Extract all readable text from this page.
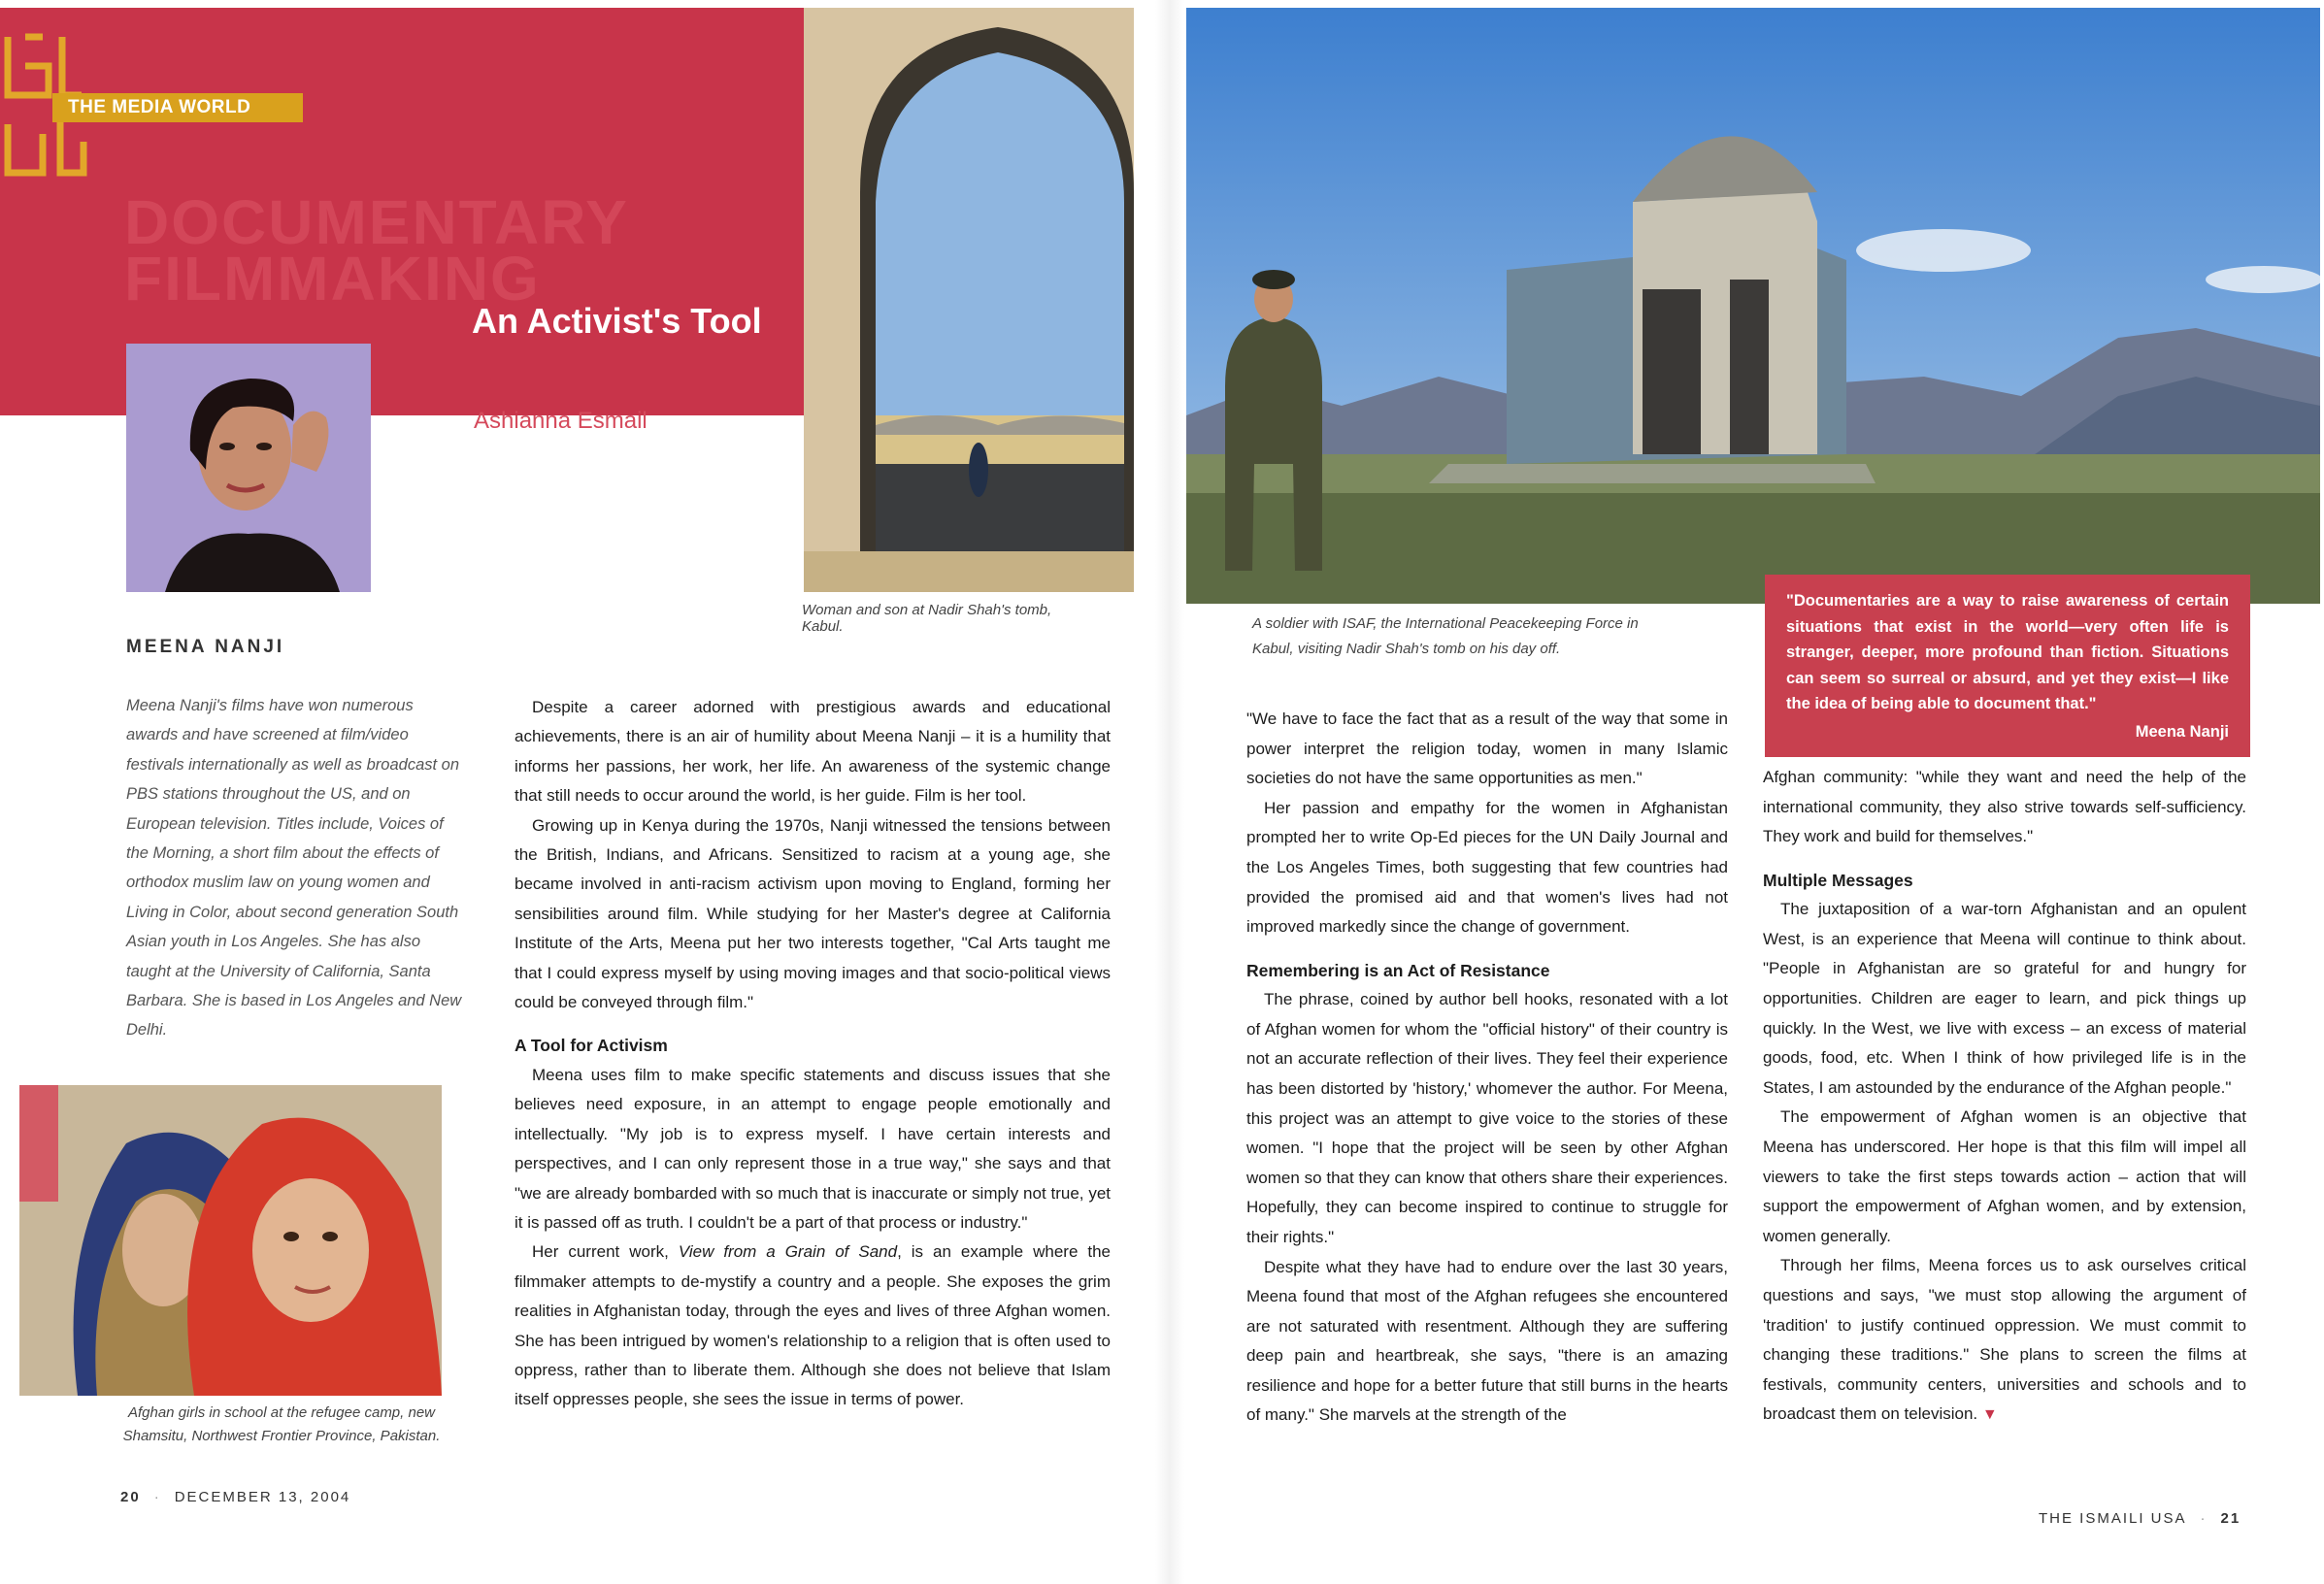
THE MEDIA WORLD
DOCUMENTARY
FILMMAKING
An Activist's Tool
Ashianna Esmail
Woman and son at Nadir Shah's tomb, Kabul.
MEENA NANJI
Meena Nanji's films have won numerous awards and have screened at film/video festivals internationally as well as broadcast on PBS stations throughout the US, and on European television. Titles include, Voices of the Morning, a short film about the effects of orthodox muslim law on young women and Living in Color, about second generation South Asian youth in Los Angeles. She has also taught at the University of California, Santa Barbara. She is based in Los Angeles and New Delhi.
Afghan girls in school at the refugee camp, new Shamsitu, Northwest Frontier Province, Pakistan.

Despite a career adorned with prestigious awards and educational achievements, there is an air of humility about Meena Nanji – it is a humility that informs her passions, her work, her life. An awareness of the systemic change that still needs to occur around the world, is her guide. Film is her tool.

Growing up in Kenya during the 1970s, Nanji witnessed the tensions between the British, Indians, and Africans. Sensitized to racism at a young age, she became involved in anti-racism activism upon moving to England, forming her sensibilities around film. While studying for her Master's degree at California Institute of the Arts, Meena put her two interests together, "Cal Arts taught me that I could express myself by using moving images and that socio-political views could be conveyed through film."

A Tool for Activism

Meena uses film to make specific statements and discuss issues that she believes need exposure, in an attempt to engage people emotionally and intellectually. "My job is to express myself. I have certain interests and perspectives, and I can only represent those in a true way," she says and that "we are already bombarded with so much that is inaccurate or simply not true, yet it is passed off as truth. I couldn't be a part of that process or industry."

Her current work, View from a Grain of Sand, is an example where the filmmaker attempts to de-mystify a country and a people. She exposes the grim realities in Afghanistan today, through the eyes and lives of three Afghan women. She has been intrigued by women's relationship to a religion that is often used to oppress, rather than to liberate them. Although she does not believe that Islam itself oppresses people, she sees the issue in terms of power.

20 · DECEMBER 13, 2004
A soldier with ISAF, the International Peacekeeping Force in Kabul, visiting Nadir Shah's tomb on his day off.
"Documentaries are a way to raise awareness of certain situations that exist in the world—very often life is stranger, deeper, more profound than fiction. Situations can seem so surreal or absurd, and yet they exist—I like the idea of being able to document that."
Meena Nanji

"We have to face the fact that as a result of the way that some in power interpret the religion today, women in many Islamic societies do not have the same opportunities as men."

Her passion and empathy for the women in Afghanistan prompted her to write Op-Ed pieces for the UN Daily Journal and the Los Angeles Times, both suggesting that few countries had provided the promised aid and that women's lives had not improved markedly since the change of government.

Remembering is an Act of Resistance

The phrase, coined by author bell hooks, resonated with a lot of Afghan women for whom the "official history" of their country is not an accurate reflection of their lives. They feel their experience has been distorted by 'history,' whomever the author. For Meena, this project was an attempt to give voice to the stories of these women. "I hope that the project will be seen by other Afghan women so that they can know that others share their experiences. Hopefully, they can become inspired to continue to struggle for their rights."

Despite what they have had to endure over the last 30 years, Meena found that most of the Afghan refugees she encountered are not saturated with resentment. Although they are suffering deep pain and heartbreak, she says, "there is an amazing resilience and hope for a better future that still burns in the hearts of many." She marvels at the strength of the

Afghan community: "while they want and need the help of the international community, they also strive towards self-sufficiency. They work and build for themselves."

Multiple Messages

The juxtaposition of a war-torn Afghanistan and an opulent West, is an experience that Meena will continue to think about. "People in Afghanistan are so grateful for and hungry for opportunities. Children are eager to learn, and pick things up quickly. In the West, we live with excess – an excess of material goods, food, etc. When I think of how privileged life is in the States, I am astounded by the endurance of the Afghan people."

The empowerment of Afghan women is an objective that Meena has underscored. Her hope is that this film will impel all viewers to take the first steps towards action – action that will support the empowerment of Afghan women, and by extension, women generally.

Through her films, Meena forces us to ask ourselves critical questions and says, "we must stop allowing the argument of 'tradition' to justify continued oppression. We must commit to changing these traditions." She plans to screen the films at festivals, community centers, universities and schools and to broadcast them on television. ▼

THE ISMAILI USA · 21
